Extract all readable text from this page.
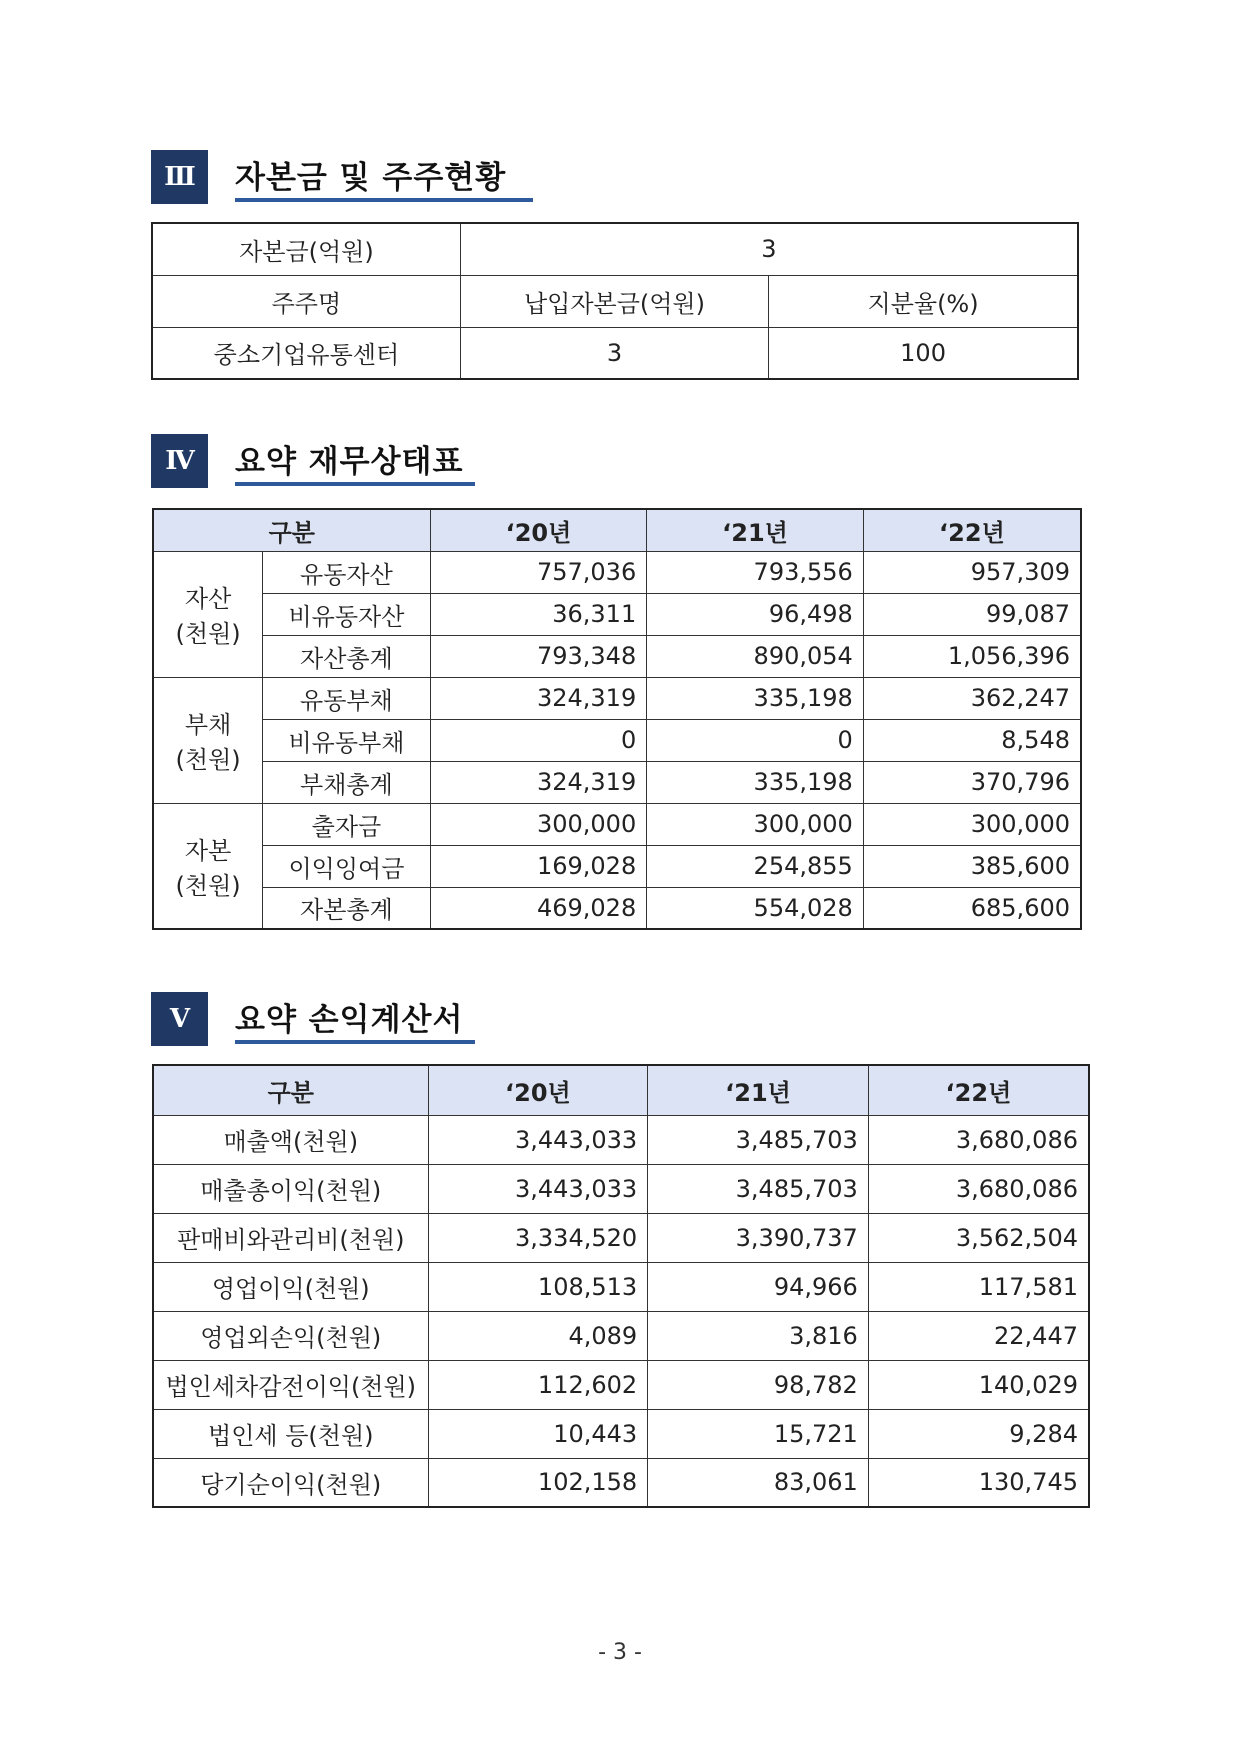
Ⅲ	자본금 및 주주현황
자본금(억원)	3	
주주명	납입자본금(억원)	지분율(%)
중소기업유통센터	3	100
Ⅳ	요약 재무상태표
구분		‘20년	‘21년	‘22년

자산
(천원)	유동자산	757,036	793,556	957,309
	비유동자산	36,311	96,498	99,087
	자산총계	793,348	890,054	1,056,396

부채
(천원)	유동부채	324,319	335,198	362,247
	비유동부채	0	0	8,548
	부채총계	324,319	335,198	370,796

자본
(천원)	출자금	300,000	300,000	300,000
	이익잉여금	169,028	254,855	385,600
	자본총계	469,028	554,028	685,600
Ⅴ	요약 손익계산서
구분	‘20년	‘21년	‘22년
매출액(천원)	3,443,033	3,485,703	3,680,086
매출총이익(천원)	3,443,033	3,485,703	3,680,086
판매비와관리비(천원)	3,334,520	3,390,737	3,562,504
영업이익(천원)	108,513	94,966	117,581
영업외손익(천원)	4,089	3,816	22,447
법인세차감전이익(천원)	112,602	98,782	140,029
법인세 등(천원)	10,443	15,721	9,284
당기순이익(천원)	102,158	83,061	130,745
- 3 -
